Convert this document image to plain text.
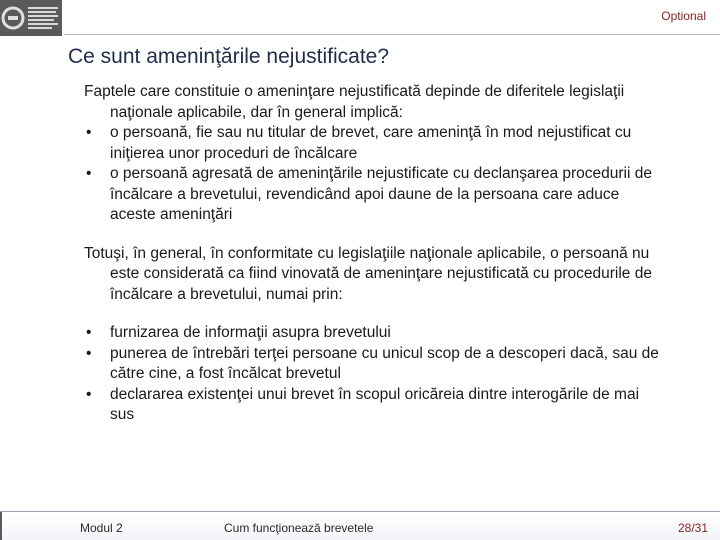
Optional
Ce sunt ameninţările nejustificate?

Faptele care constituie o ameninţare nejustificată depinde de diferitele legislaţii naţionale aplicabile, dar în general implică:

•	o persoană, fie sau nu titular de brevet, care ameninţă în mod nejustificat cu iniţierea unor proceduri de încălcare
•	o persoană agresată de ameninţările nejustificate cu declanşarea procedurii de încălcare a brevetului, revendicând apoi daune de la persoana care aduce aceste ameninţări

Totuşi, în general, în conformitate cu legislaţiile naţionale aplicabile, o persoană nu este considerată ca fiind vinovată de ameninţare nejustificată cu procedurile de încălcare a brevetului, numai prin:

•	furnizarea de informaţii asupra brevetului
•	punerea de întrebări terţei persoane cu unicul scop de a descoperi dacă, sau de către cine, a fost încălcat brevetul
•	declararea existenţei unui brevet în scopul oricăreia dintre interogările de mai sus
Modul 2	Cum funcţionează brevetele	28/31
